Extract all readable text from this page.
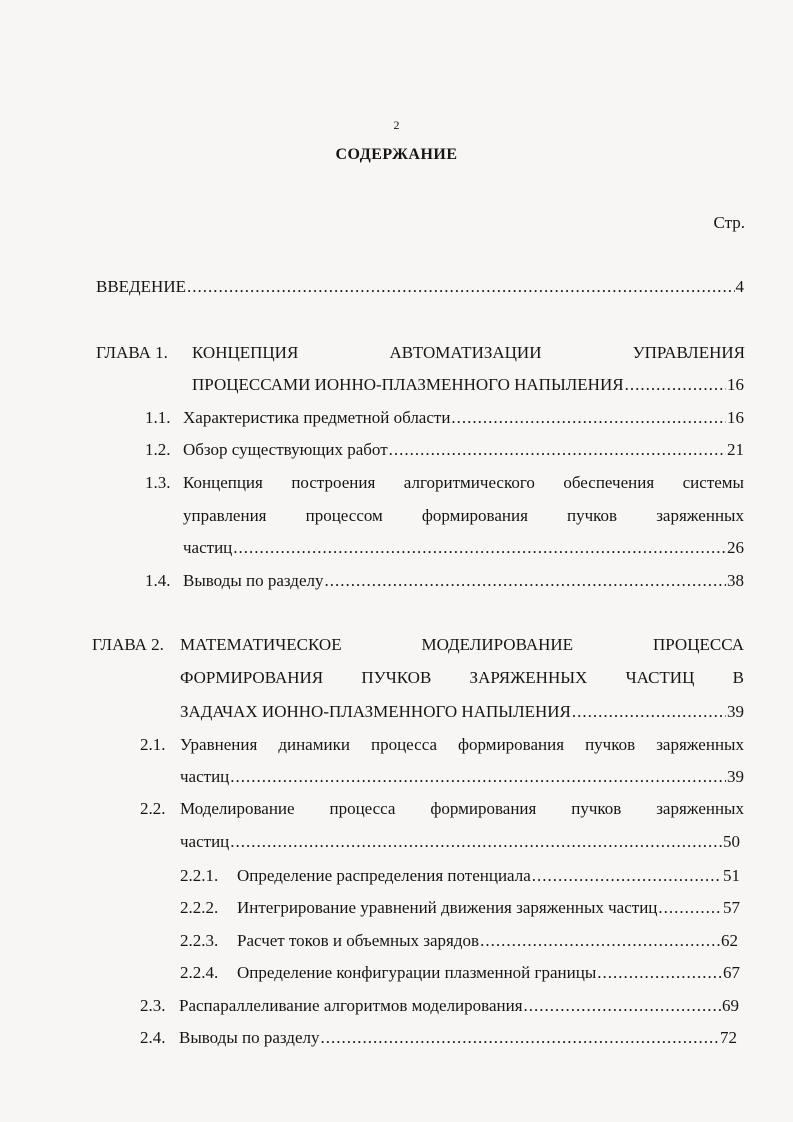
2
СОДЕРЖАНИЕ
Стр.
ВВЕДЕНИЕ .....	4
ГЛАВА 1. КОНЦЕПЦИЯ	АВТОМАТИЗАЦИИ	УПРАВЛЕНИЯ
ПРОЦЕССАМИ ИОННО-ПЛАЗМЕННОГО НАПЫЛЕНИЯ .....	16
1.1. Характеристика предметной области .....	16
1.2. Обзор существующих работ .....	21
1.3. Концепция построения алгоритмического обеспечения системы
управления процессом формирования пучков заряженных
частиц .....	26
1.4. Выводы по разделу .....	38
ГЛАВА 2. МАТЕМАТИЧЕСКОЕ	МОДЕЛИРОВАНИЕ	ПРОЦЕССА
ФОРМИРОВАНИЯ ПУЧКОВ ЗАРЯЖЕННЫХ ЧАСТИЦ В
ЗАДАЧАХ ИОННО-ПЛАЗМЕННОГО НАПЫЛЕНИЯ .....	39
2.1. Уравнения динамики процесса формирования пучков заряженных
частиц .....	39
2.2. Моделирование процесса формирования пучков заряженных
частиц .....	50
2.2.1. Определение распределения потенциала .....	51
2.2.2. Интегрирование уравнений движения заряженных частиц .....	57
2.2.3. Расчет токов и объемных зарядов .....	62
2.2.4. Определение конфигурации плазменной границы .....	67
2.3. Распараллеливание алгоритмов моделирования .....	69
2.4. Выводы по разделу .....	72
